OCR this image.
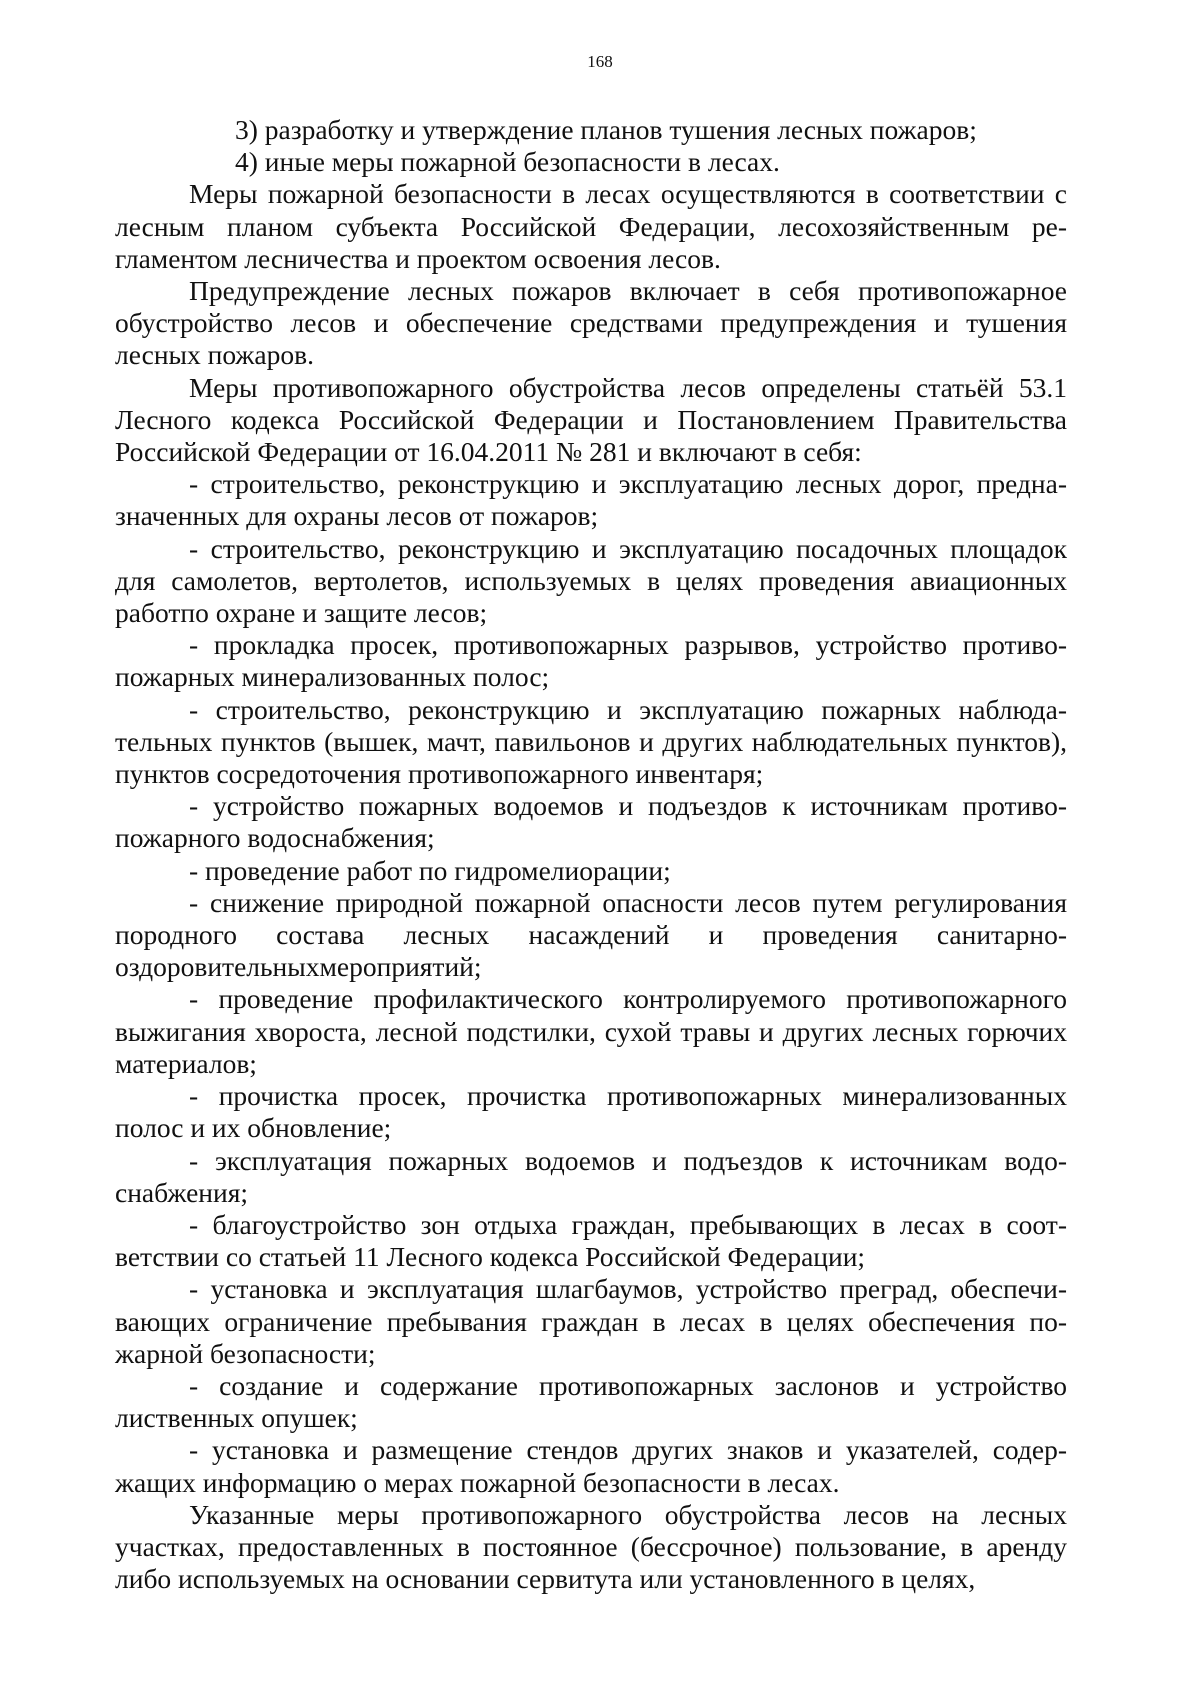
168

3) разработку и утверждение планов тушения лесных пожаров;

4) иные меры пожарной безопасности в лесах.

Меры пожарной безопасности в лесах осуществляются в соответствии с лесным планом субъекта Российской Федерации, лесохозяйственным регламентом лесничества и проектом освоения лесов.

Предупреждение лесных пожаров включает в себя противопожарное обустройство лесов и обеспечение средствами предупреждения и тушения лесных пожаров.

Меры противопожарного обустройства лесов определены статьёй 53.1 Лесного кодекса Российской Федерации и Постановлением Правительства Российской Федерации от 16.04.2011 № 281 и включают в себя:

- строительство, реконструкцию и эксплуатацию лесных дорог, предназначенных для охраны лесов от пожаров;

- строительство, реконструкцию и эксплуатацию посадочных площадок для самолетов, вертолетов, используемых в целях проведения авиационных работпо охране и защите лесов;

- прокладка просек, противопожарных разрывов, устройство противопожарных минерализованных полос;

- строительство, реконструкцию и эксплуатацию пожарных наблюдательных пунктов (вышек, мачт, павильонов и других наблюдательных пунктов), пунктов сосредоточения противопожарного инвентаря;

- устройство пожарных водоемов и подъездов к источникам противопожарного водоснабжения;

- проведение работ по гидромелиорации;

- снижение природной пожарной опасности лесов путем регулирования породного состава лесных насаждений и проведения санитарно-оздоровительныхмероприятий;

- проведение профилактического контролируемого противопожарного выжигания хвороста, лесной подстилки, сухой травы и других лесных горючих материалов;

- прочистка просек, прочистка противопожарных минерализованных полос и их обновление;

- эксплуатация пожарных водоемов и подъездов к источникам водоснабжения;

- благоустройство зон отдыха граждан, пребывающих в лесах в соответствии со статьей 11 Лесного кодекса Российской Федерации;

- установка и эксплуатация шлагбаумов, устройство преград, обеспечивающих ограничение пребывания граждан в лесах в целях обеспечения пожарной безопасности;

- создание и содержание противопожарных заслонов и устройство лиственных опушек;

- установка и размещение стендов других знаков и указателей, содержащих информацию о мерах пожарной безопасности в лесах.

Указанные меры противопожарного обустройства лесов на лесных участках, предоставленных в постоянное (бессрочное) пользование, в аренду либо используемых на основании сервитута или установленного в целях,
